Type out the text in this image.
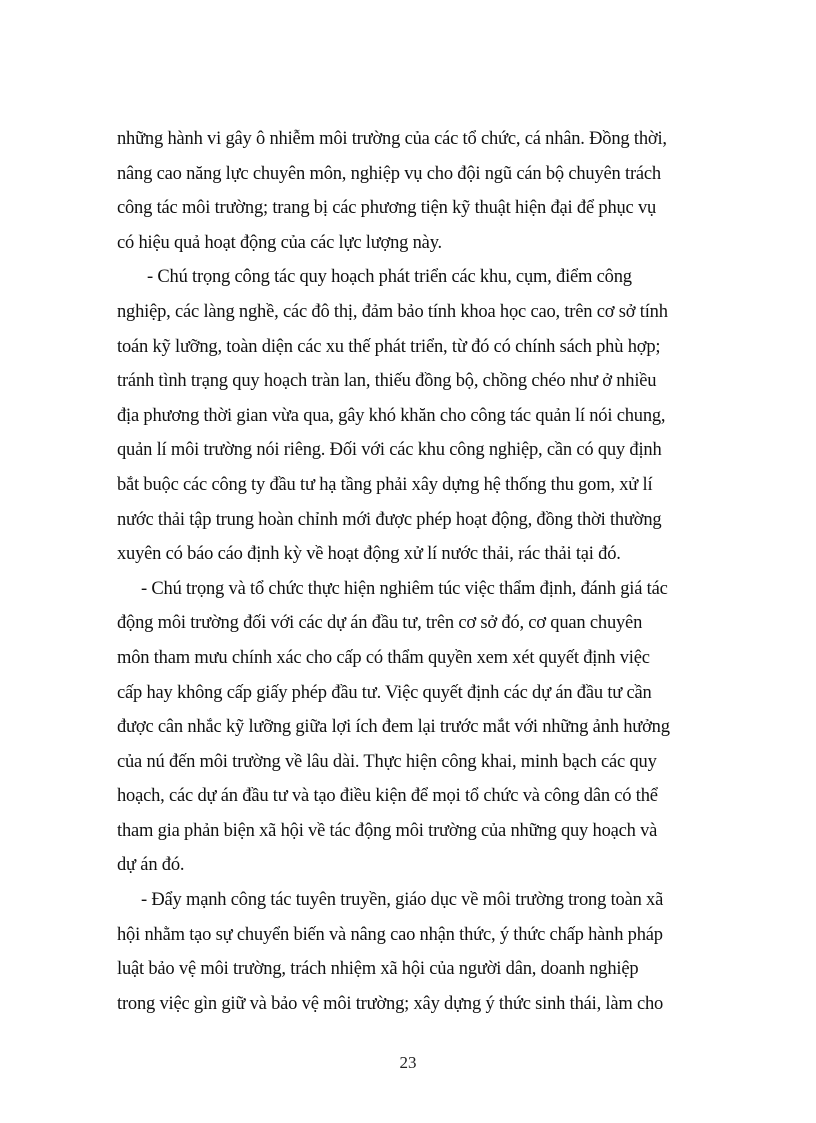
những hành vi gây ô nhiễm môi trường của các tổ chức, cá nhân. Đồng thời,
nâng cao năng lực chuyên môn, nghiệp vụ cho đội ngũ cán bộ chuyên trách
công tác môi trường; trang bị các phương tiện kỹ thuật hiện đại để phục vụ
có hiệu quả hoạt động của các lực lượng này.
- Chú trọng công tác quy hoạch phát triển các khu, cụm, điểm công
nghiệp, các làng nghề, các đô thị, đảm bảo tính khoa học cao, trên cơ sở tính
toán kỹ lưỡng, toàn diện các xu thế phát triển, từ đó có chính sách phù hợp;
tránh tình trạng quy hoạch tràn lan, thiếu đồng bộ, chồng chéo như ở nhiều
địa phương thời gian vừa qua, gây khó khăn cho công tác quản lí nói chung,
quản lí môi trường nói riêng. Đối với các khu công nghiệp, cần có quy định
bắt buộc các công ty đầu tư hạ tầng phải xây dựng hệ thống thu gom, xử lí
nước thải tập trung hoàn chỉnh mới được phép hoạt động, đồng thời thường
xuyên có báo cáo định kỳ về hoạt động xử lí nước thải, rác thải tại đó.
- Chú trọng và tổ chức thực hiện nghiêm túc việc thẩm định, đánh giá tác
động môi trường đối với các dự án đầu tư, trên cơ sở đó, cơ quan chuyên
môn tham mưu chính xác cho cấp có thẩm quyền xem xét quyết định việc
cấp hay không cấp giấy phép đầu tư. Việc quyết định các dự án đầu tư cần
được cân nhắc kỹ lưỡng giữa lợi ích đem lại trước mắt với những ảnh hưởng
của nú đến môi trường về lâu dài. Thực hiện công khai, minh bạch các quy
hoạch, các dự án đầu tư và tạo điều kiện để mọi tổ chức và công dân có thể
tham gia phản biện xã hội về tác động môi trường của những quy hoạch và
dự án đó.
- Đẩy mạnh công tác tuyên truyền, giáo dục về môi trường trong toàn xã
hội nhằm tạo sự chuyển biến và nâng cao nhận thức, ý thức chấp hành pháp
luật bảo vệ môi trường, trách nhiệm xã hội của người dân, doanh nghiệp
trong việc gìn giữ và bảo vệ môi trường; xây dựng ý thức sinh thái, làm cho
23
